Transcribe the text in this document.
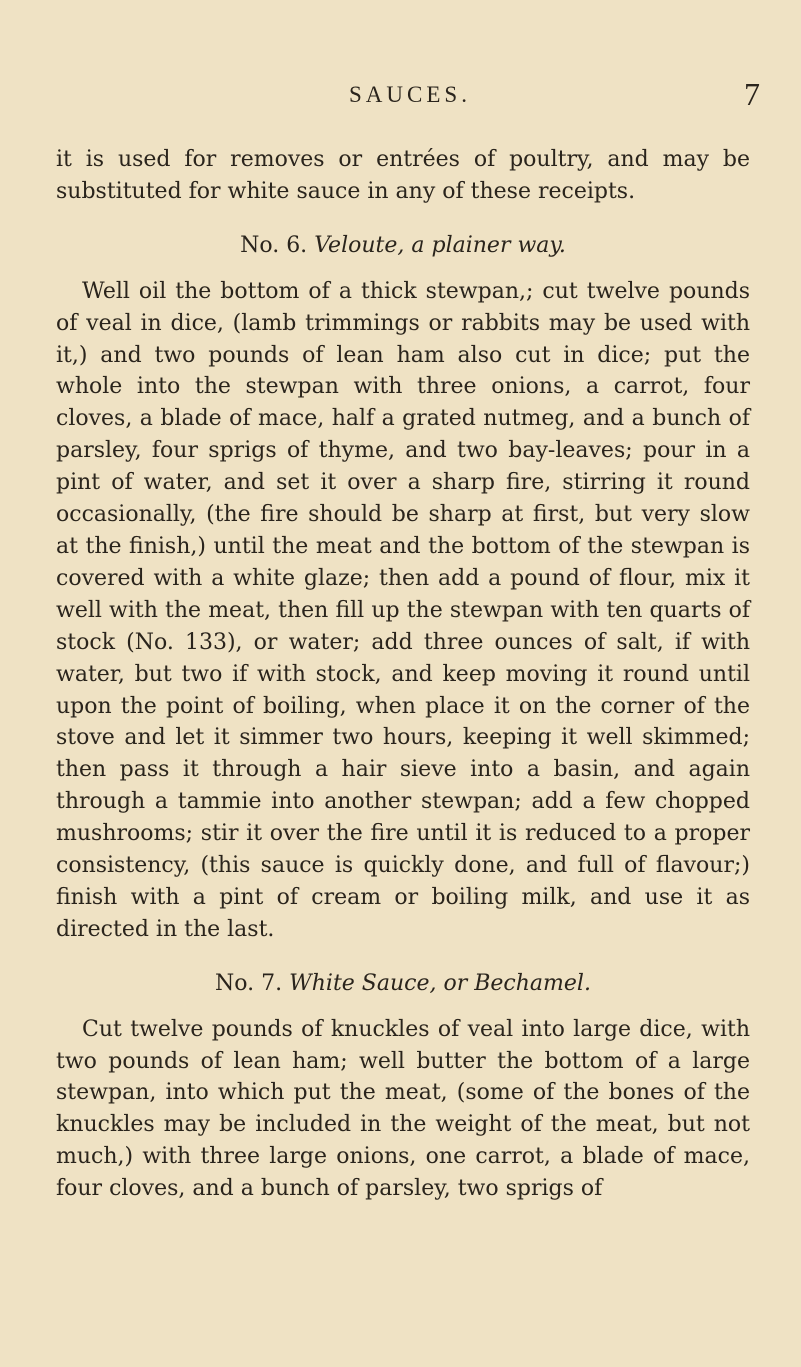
SAUCES.	7

it is used for removes or entrées of poultry, and may be substituted for white sauce in any of these receipts.

No. 6. Veloute, a plainer way.

Well oil the bottom of a thick stewpan,; cut twelve pounds of veal in dice, (lamb trimmings or rabbits may be used with it,) and two pounds of lean ham also cut in dice; put the whole into the stewpan with three onions, a carrot, four cloves, a blade of mace, half a grated nutmeg, and a bunch of parsley, four sprigs of thyme, and two bay-leaves; pour in a pint of water, and set it over a sharp fire, stirring it round occasionally, (the fire should be sharp at first, but very slow at the finish,) until the meat and the bottom of the stewpan is covered with a white glaze; then add a pound of flour, mix it well with the meat, then fill up the stewpan with ten quarts of stock (No. 133), or water; add three ounces of salt, if with water, but two if with stock, and keep moving it round until upon the point of boiling, when place it on the corner of the stove and let it simmer two hours, keeping it well skimmed; then pass it through a hair sieve into a basin, and again through a tammie into another stewpan; add a few chopped mushrooms; stir it over the fire until it is reduced to a proper consistency, (this sauce is quickly done, and full of flavour;) finish with a pint of cream or boiling milk, and use it as directed in the last.

No. 7. White Sauce, or Bechamel.

Cut twelve pounds of knuckles of veal into large dice, with two pounds of lean ham; well butter the bottom of a large stewpan, into which put the meat, (some of the bones of the knuckles may be included in the weight of the meat, but not much,) with three large onions, one carrot, a blade of mace, four cloves, and a bunch of parsley, two sprigs of
